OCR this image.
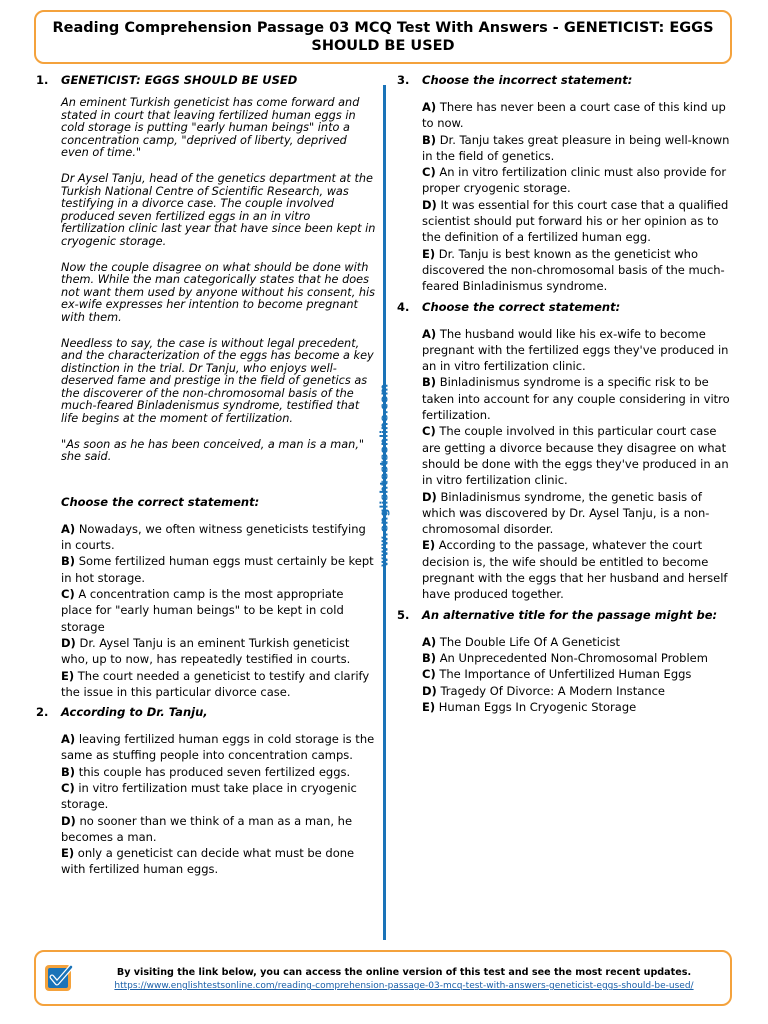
Reading Comprehension Passage 03 MCQ Test With Answers - GENETICIST: EGGS SHOULD BE USED
1.	GENETICIST: EGGS SHOULD BE USED

An eminent Turkish geneticist has come forward and stated in court that leaving fertilized human eggs in cold storage is putting "early human beings" into a concentration camp, "deprived of liberty, deprived even of time."

Dr Aysel Tanju, head of the genetics department at the Turkish National Centre of Scientific Research, was testifying in a divorce case. The couple involved produced seven fertilized eggs in an in vitro fertilization clinic last year that have since been kept in cryogenic storage.

Now the couple disagree on what should be done with them. While the man categorically states that he does not want them used by anyone without his consent, his ex-wife expresses her intention to become pregnant with them.

Needless to say, the case is without legal precedent, and the characterization of the eggs has become a key distinction in the trial. Dr Tanju, who enjoys well-deserved fame and prestige in the field of genetics as the discoverer of the non-chromosomal basis of the much-feared Binladenismus syndrome, testified that life begins at the moment of fertilization.

"As soon as he has been conceived, a man is a man," she said.

Choose the correct statement:
A) Nowadays, we often witness geneticists testifying in courts.
B) Some fertilized human eggs must certainly be kept in hot storage.
C) A concentration camp is the most appropriate place for "early human beings" to be kept in cold storage
D) Dr. Aysel Tanju is an eminent Turkish geneticist who, up to now, has repeatedly testified in courts.
E) The court needed a geneticist to testify and clarify the issue in this particular divorce case.
2.	According to Dr. Tanju,
A) leaving fertilized human eggs in cold storage is the same as stuffing people into concentration camps.
B) this couple has produced seven fertilized eggs.
C) in vitro fertilization must take place in cryogenic storage.
D) no sooner than we think of a man as a man, he becomes a man.
E) only a geneticist can decide what must be done with fertilized human eggs.
www.englishtestsonline.com
3.	Choose the incorrect statement:
A) There has never been a court case of this kind up to now.
B) Dr. Tanju takes great pleasure in being well-known in the field of genetics.
C) An in vitro fertilization clinic must also provide for proper cryogenic storage.
D) It was essential for this court case that a qualified scientist should put forward his or her opinion as to the definition of a fertilized human egg.
E) Dr. Tanju is best known as the geneticist who discovered the non-chromosomal basis of the much-feared Binladinismus syndrome.
4.	Choose the correct statement:
A) The husband would like his ex-wife to become pregnant with the fertilized eggs they've produced in an in vitro fertilization clinic.
B) Binladinismus syndrome is a specific risk to be taken into account for any couple considering in vitro fertilization.
C) The couple involved in this particular court case are getting a divorce because they disagree on what should be done with the eggs they've produced in an in vitro fertilization clinic.
D) Binladinismus syndrome, the genetic basis of which was discovered by Dr. Aysel Tanju, is a non-chromosomal disorder.
E) According to the passage, whatever the court decision is, the wife should be entitled to become pregnant with the eggs that her husband and herself have produced together.
5.	An alternative title for the passage might be:
A) The Double Life Of A Geneticist
B) An Unprecedented Non-Chromosomal Problem
C) The Importance of Unfertilized Human Eggs
D) Tragedy Of Divorce: A Modern Instance
E) Human Eggs In Cryogenic Storage
By visiting the link below, you can access the online version of this test and see the most recent updates.
https://www.englishtestsonline.com/reading-comprehension-passage-03-mcq-test-with-answers-geneticist-eggs-should-be-used/
